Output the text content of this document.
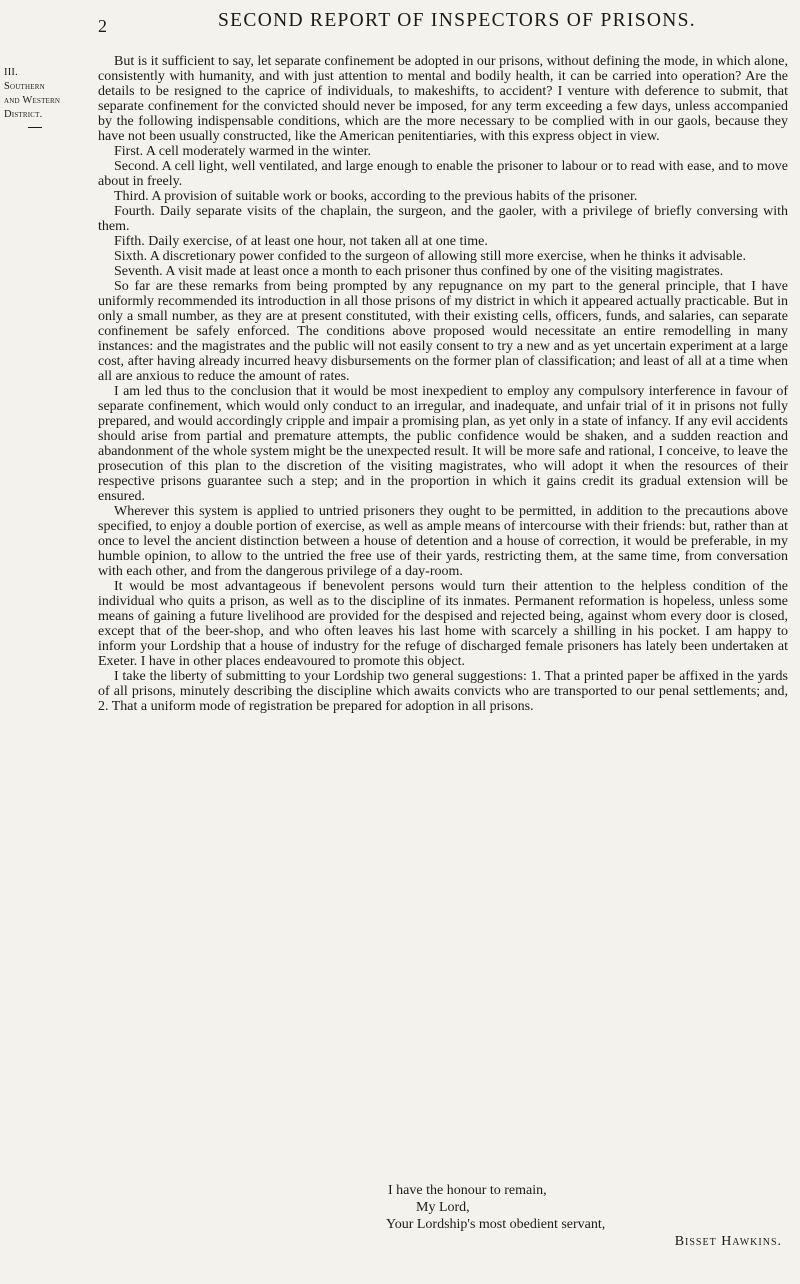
III.
Southern
and Western
District.
2	SECOND REPORT OF INSPECTORS OF PRISONS.

But is it sufficient to say, let separate confinement be adopted in our prisons, without defining the mode, in which alone, consistently with humanity, and with just attention to mental and bodily health, it can be carried into operation? Are the details to be resigned to the caprice of individuals, to makeshifts, to accident? I venture with deference to submit, that separate confinement for the convicted should never be imposed, for any term exceeding a few days, unless accompanied by the following indispensable conditions, which are the more necessary to be complied with in our gaols, because they have not been usually constructed, like the American penitentiaries, with this express object in view.

First. A cell moderately warmed in the winter.

Second. A cell light, well ventilated, and large enough to enable the prisoner to labour or to read with ease, and to move about in freely.

Third. A provision of suitable work or books, according to the previous habits of the prisoner.

Fourth. Daily separate visits of the chaplain, the surgeon, and the gaoler, with a privilege of briefly conversing with them.

Fifth. Daily exercise, of at least one hour, not taken all at one time.

Sixth. A discretionary power confided to the surgeon of allowing still more exercise, when he thinks it advisable.

Seventh. A visit made at least once a month to each prisoner thus confined by one of the visiting magistrates.

So far are these remarks from being prompted by any repugnance on my part to the general principle, that I have uniformly recommended its introduction in all those prisons of my district in which it appeared actually practicable. But in only a small number, as they are at present constituted, with their existing cells, officers, funds, and salaries, can separate confinement be safely enforced. The conditions above proposed would necessitate an entire remodelling in many instances: and the magistrates and the public will not easily consent to try a new and as yet uncertain experiment at a large cost, after having already incurred heavy disbursements on the former plan of classification; and least of all at a time when all are anxious to reduce the amount of rates.

I am led thus to the conclusion that it would be most inexpedient to employ any compulsory interference in favour of separate confinement, which would only conduct to an irregular, and inadequate, and unfair trial of it in prisons not fully prepared, and would accordingly cripple and impair a promising plan, as yet only in a state of infancy. If any evil accidents should arise from partial and premature attempts, the public confidence would be shaken, and a sudden reaction and abandonment of the whole system might be the unexpected result. It will be more safe and rational, I conceive, to leave the prosecution of this plan to the discretion of the visiting magistrates, who will adopt it when the resources of their respective prisons guarantee such a step; and in the proportion in which it gains credit its gradual extension will be ensured.

Wherever this system is applied to untried prisoners they ought to be permitted, in addition to the precautions above specified, to enjoy a double portion of exercise, as well as ample means of intercourse with their friends: but, rather than at once to level the ancient distinction between a house of detention and a house of correction, it would be preferable, in my humble opinion, to allow to the untried the free use of their yards, restricting them, at the same time, from conversation with each other, and from the dangerous privilege of a day-room.

It would be most advantageous if benevolent persons would turn their attention to the helpless condition of the individual who quits a prison, as well as to the discipline of its inmates. Permanent reformation is hopeless, unless some means of gaining a future livelihood are provided for the despised and rejected being, against whom every door is closed, except that of the beer-shop, and who often leaves his last home with scarcely a shilling in his pocket. I am happy to inform your Lordship that a house of industry for the refuge of discharged female prisoners has lately been undertaken at Exeter. I have in other places endeavoured to promote this object.

I take the liberty of submitting to your Lordship two general suggestions: 1. That a printed paper be affixed in the yards of all prisons, minutely describing the discipline which awaits convicts who are transported to our penal settlements; and, 2. That a uniform mode of registration be prepared for adoption in all prisons.

I have the honour to remain,
My Lord,
Your Lordship's most obedient servant,
Bisset Hawkins.
